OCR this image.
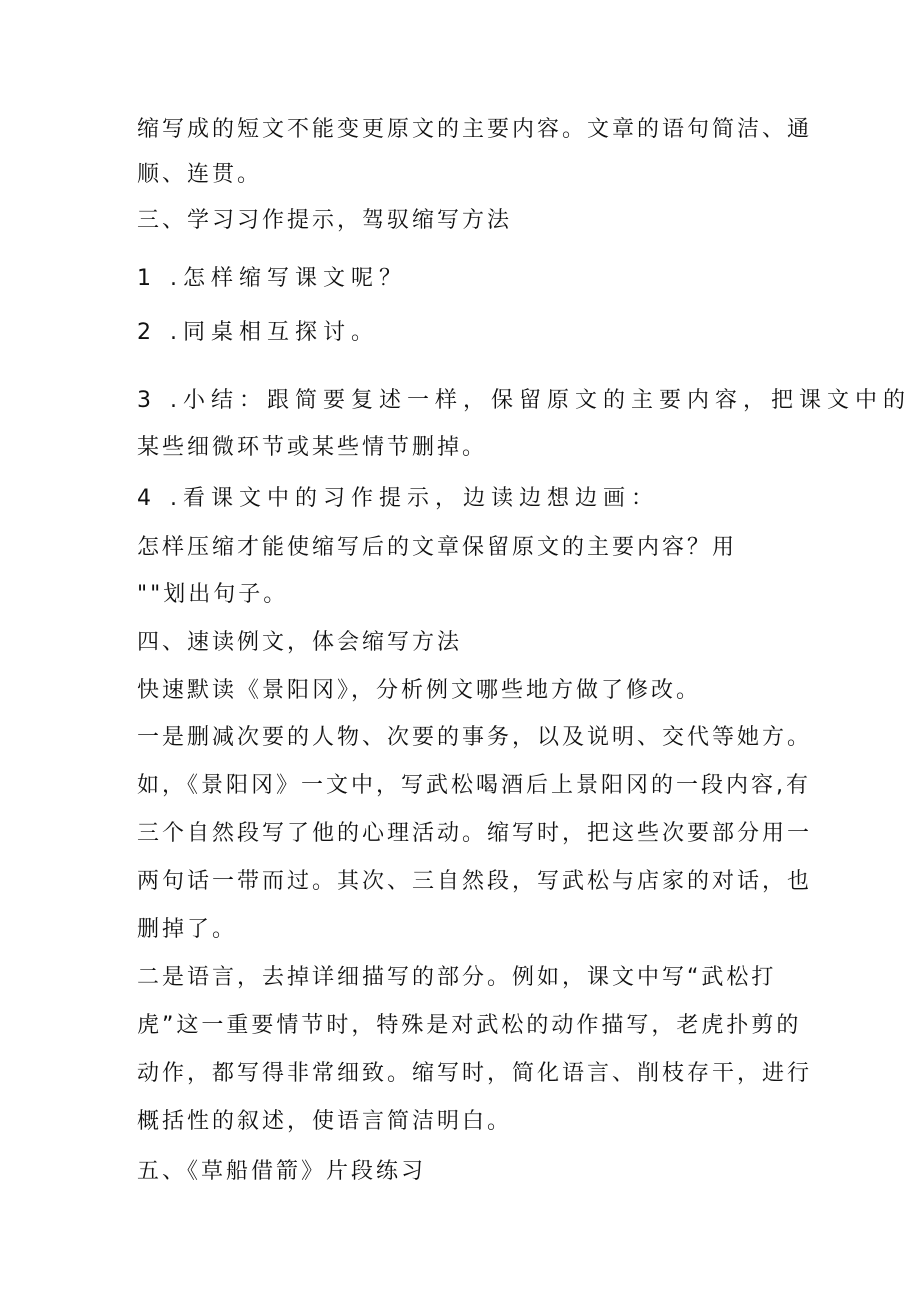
缩写成的短文不能变更原文的主要内容。文章的语句简洁、通
顺、连贯。
三、学习习作提示，驾驭缩写方法
1 .怎样缩写课文呢？
2 .同桌相互探讨。
3 .小结：跟简要复述一样，保留原文的主要内容，把课文中的
某些细微环节或某些情节删掉。
4 .看课文中的习作提示，边读边想边画：
怎样压缩才能使缩写后的文章保留原文的主要内容？用
""划出句子。
四、速读例文，体会缩写方法
快速默读《景阳冈》，分析例文哪些地方做了修改。
一是删减次要的人物、次要的事务，以及说明、交代等她方。
如，《景阳冈》一文中，写武松喝酒后上景阳冈的一段内容,有
三个自然段写了他的心理活动。缩写时，把这些次要部分用一
两句话一带而过。其次、三自然段，写武松与店家的对话，也
删掉了。
二是语言，去掉详细描写的部分。例如，课文中写“武松打
虎”这一重要情节时，特殊是对武松的动作描写，老虎扑剪的
动作，都写得非常细致。缩写时，简化语言、削枝存干，进行
概括性的叙述，使语言简洁明白。
五、《草船借箭》片段练习
